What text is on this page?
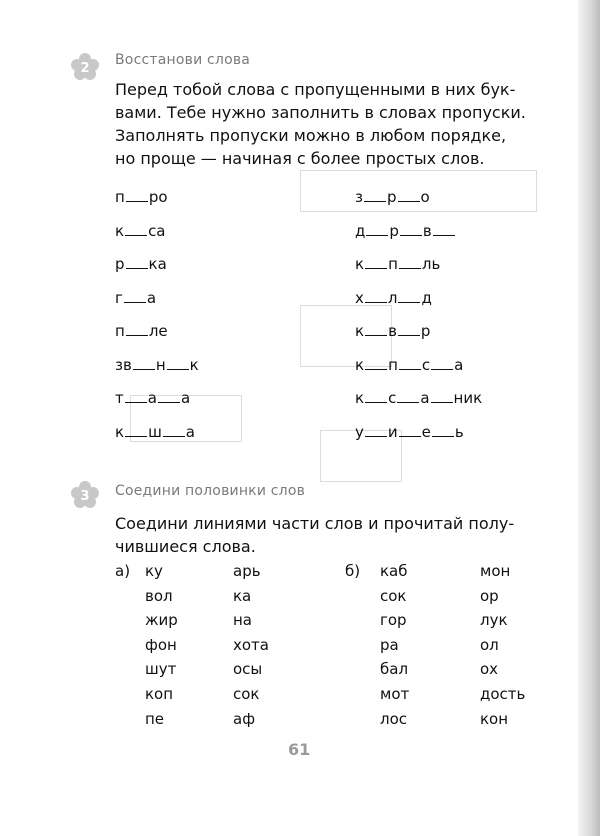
2
Восстанови слова

Перед тобой слова с пропущенными в них бук-

вами. Тебе нужно заполнить в словах пропуски.

Заполнять пропуски можно в любом порядке,

но проще — начиная с более простых слов.

п ро
к са
р ка
г а
п ле
зв н к
т а а
к ш а
з р о
д р в
к п ль
х л д
к в р
к п с а
к с а ник
у и е ь
3 Соедини половинки слов

Соедини линиями части слов и прочитай полу-

чившиеся слова.

а)	б)
ку
вол
жир
фон
шут
коп
пе
арь
ка
на
хота
осы
сок
аф
каб
сок
гор
ра
бал
мот
лос
мон
ор
лук
ол
ох
дость
кон
61
